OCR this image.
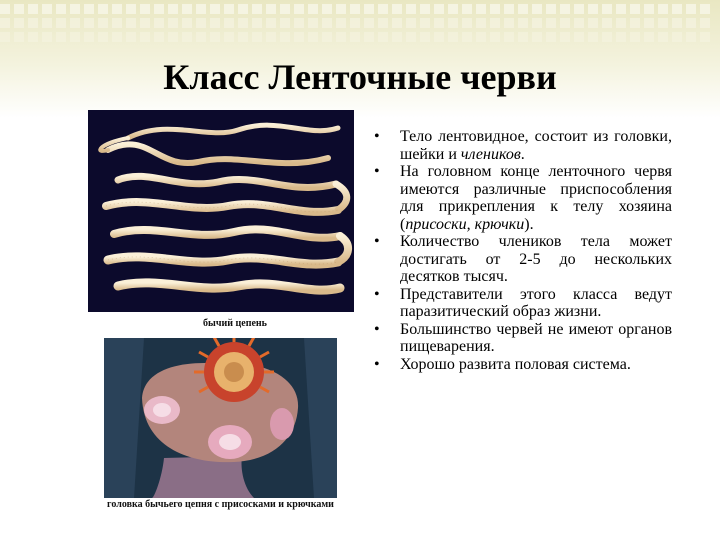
Класс Ленточные черви
бычий цепень
головка бычьего цепня с присосками и крючками
• Тело лентовидное, состоит из головки, шейки и члеников.
• На головном конце ленточного червя имеются различные приспособления для прикрепления к телу хозяина (присоски, крючки).
• Количество члеников тела может достигать от 2-5 до нескольких десятков тысяч.
• Представители этого класса ведут паразитический образ жизни.
• Большинство червей не имеют органов пищеварения.
• Хорошо развита половая система.
